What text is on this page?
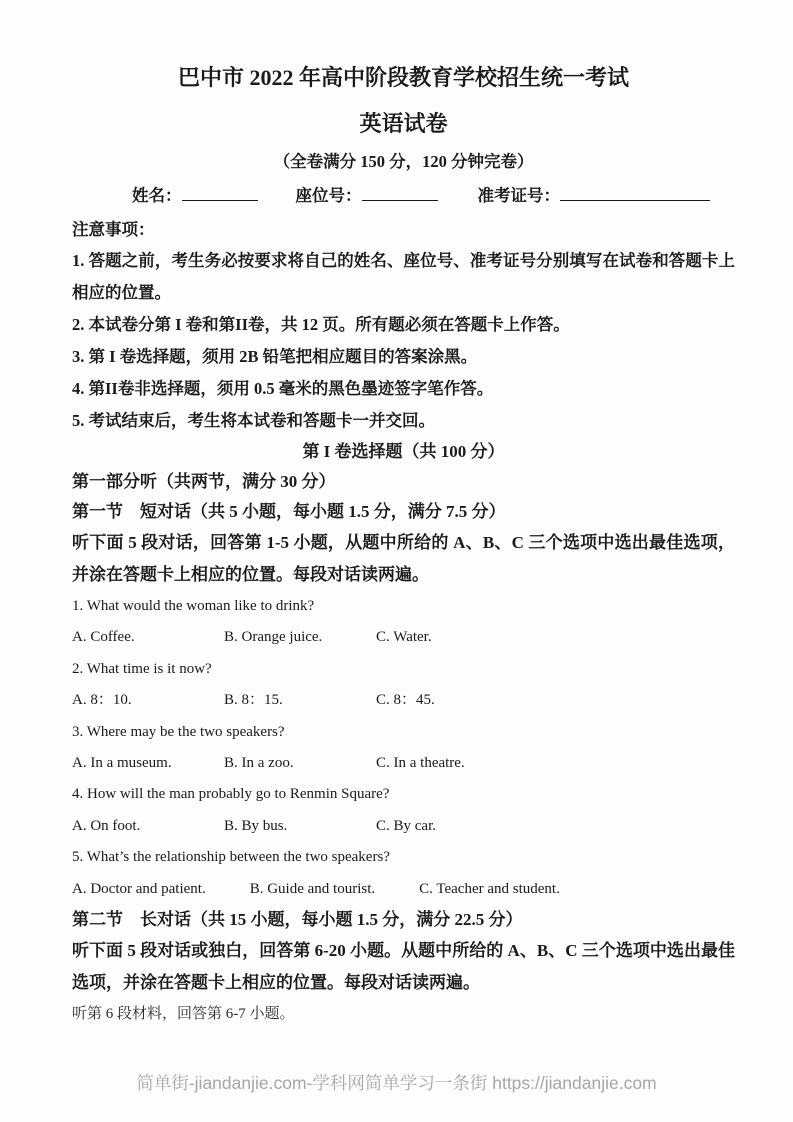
巴中市 2022 年高中阶段教育学校招生统一考试

英语试卷

（全卷满分 150 分，120 分钟完卷）

姓名：	座位号：	准考证号：

注意事项：

1. 答题之前，考生务必按要求将自己的姓名、座位号、准考证号分别填写在试卷和答题卡上相应的位置。

2. 本试卷分第 I 卷和第II卷，共 12 页。所有题必须在答题卡上作答。

3. 第 I 卷选择题，须用 2B 铅笔把相应题目的答案涂黑。

4. 第II卷非选择题，须用 0.5 毫米的黑色墨迹签字笔作答。

5. 考试结束后，考生将本试卷和答题卡一并交回。

第 I 卷选择题（共 100 分）

第一部分听（共两节，满分 30 分）

第一节　短对话（共 5 小题，每小题 1.5 分，满分 7.5 分）

听下面 5 段对话，回答第 1-5 小题，从题中所给的 A、B、C 三个选项中选出最佳选项，并涂在答题卡上相应的位置。每段对话读两遍。

1. What would the woman like to drink?

A. Coffee.	B. Orange juice.	C. Water.

2. What time is it now?

A. 8：10.	B. 8：15.	C. 8：45.

3. Where may be the two speakers?

A. In a museum.	B. In a zoo.	C. In a theatre.

4. How will the man probably go to Renmin Square?

A. On foot.	B. By bus.	C. By car.

5. What’s the relationship between the two speakers?

A. Doctor and patient.	B. Guide and tourist.	C. Teacher and student.

第二节　长对话（共 15 小题，每小题 1.5 分，满分 22.5 分）

听下面 5 段对话或独白，回答第 6-20 小题。从题中所给的 A、B、C 三个选项中选出最佳选项，并涂在答题卡上相应的位置。每段对话读两遍。

听第 6 段材料，回答第 6-7 小题。

简单街-jiandanjie.com-学科网简单学习一条街 https://jiandanjie.com
